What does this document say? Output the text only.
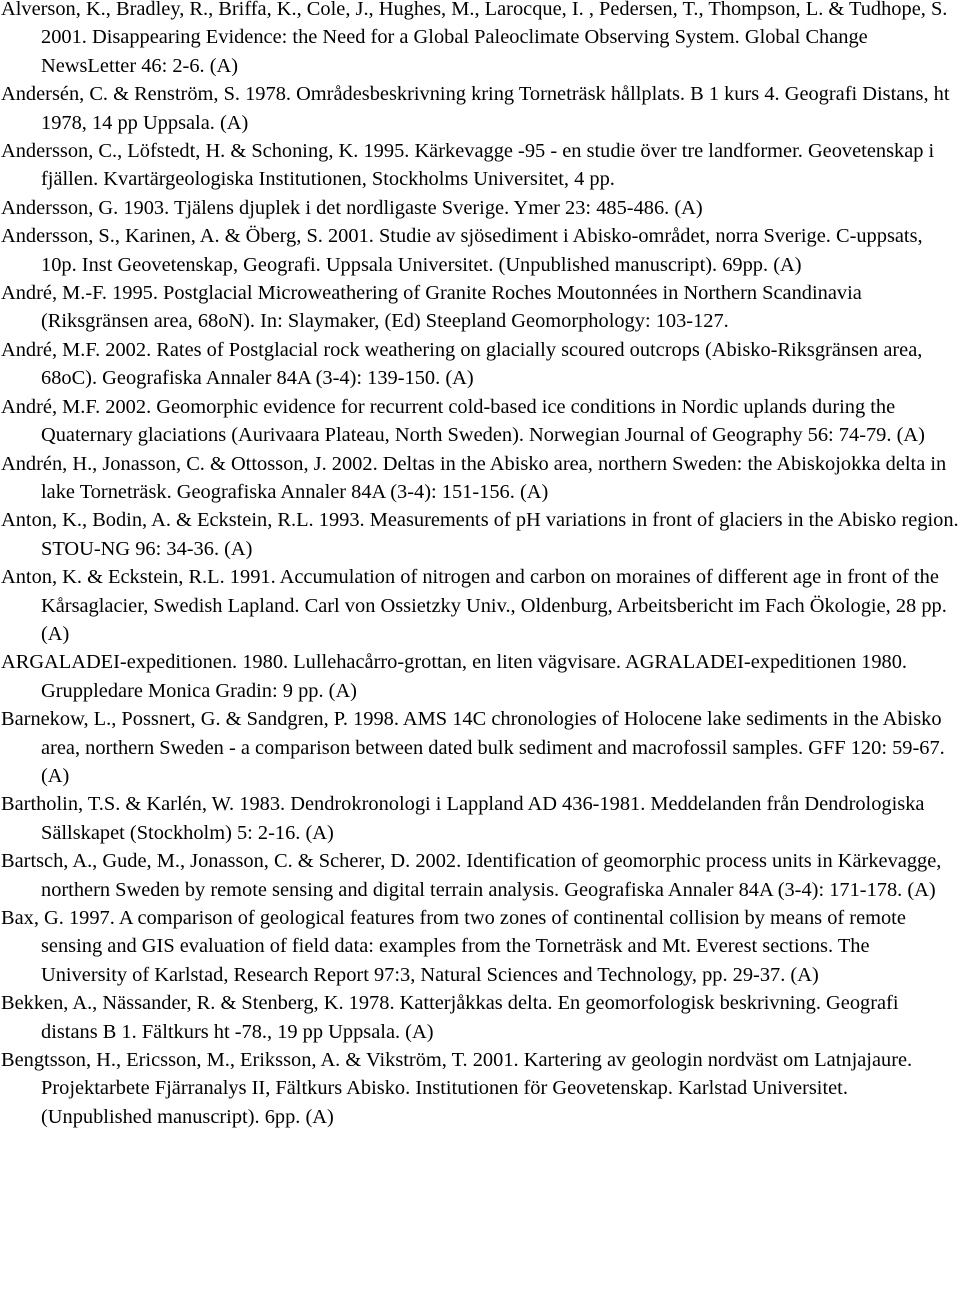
Alverson, K., Bradley, R., Briffa, K., Cole, J., Hughes, M., Larocque, I. , Pedersen, T., Thompson, L. & Tudhope, S. 2001. Disappearing Evidence: the Need for a Global Paleoclimate Observing System. Global Change NewsLetter 46: 2-6. (A)

Andersén, C. & Renström, S. 1978. Områdesbeskrivning kring Torneträsk hållplats. B 1 kurs 4. Geografi Distans, ht 1978, 14 pp Uppsala. (A)

Andersson, C., Löfstedt, H. & Schoning, K. 1995. Kärkevagge -95 - en studie över tre landformer. Geovetenskap i fjällen. Kvartärgeologiska Institutionen, Stockholms Universitet, 4 pp.

Andersson, G. 1903. Tjälens djuplek i det nordligaste Sverige. Ymer 23: 485-486. (A)

Andersson, S., Karinen, A. & Öberg, S. 2001. Studie av sjösediment i Abisko-området, norra Sverige. C-uppsats, 10p. Inst Geovetenskap, Geografi. Uppsala Universitet. (Unpublished manuscript). 69pp. (A)

André, M.-F. 1995. Postglacial Microweathering of Granite Roches Moutonnées in Northern Scandinavia (Riksgränsen area, 68oN). In: Slaymaker, (Ed) Steepland Geomorphology: 103-127.

André, M.F. 2002. Rates of Postglacial rock weathering on glacially scoured outcrops (Abisko-Riksgränsen area, 68oC). Geografiska Annaler 84A (3-4): 139-150. (A)

André, M.F. 2002. Geomorphic evidence for recurrent cold-based ice conditions in Nordic uplands during the Quaternary glaciations (Aurivaara Plateau, North Sweden). Norwegian Journal of Geography 56: 74-79. (A)

Andrén, H., Jonasson, C. & Ottosson, J. 2002. Deltas in the Abisko area, northern Sweden: the Abiskojokka delta in lake Torneträsk. Geografiska Annaler 84A (3-4): 151-156. (A)

Anton, K., Bodin, A. & Eckstein, R.L. 1993. Measurements of pH variations in front of glaciers in the Abisko region. STOU-NG 96: 34-36. (A)

Anton, K. & Eckstein, R.L. 1991. Accumulation of nitrogen and carbon on moraines of different age in front of the Kårsaglacier, Swedish Lapland. Carl von Ossietzky Univ., Oldenburg, Arbeitsbericht im Fach Ökologie, 28 pp. (A)

ARGALADEI-expeditionen. 1980. Lullehacårro-grottan, en liten vägvisare. AGRALADEI-expeditionen 1980. Gruppledare Monica Gradin: 9 pp. (A)

Barnekow, L., Possnert, G. & Sandgren, P. 1998. AMS 14C chronologies of Holocene lake sediments in the Abisko area, northern Sweden - a comparison between dated bulk sediment and macrofossil samples. GFF 120: 59-67. (A)

Bartholin, T.S. & Karlén, W. 1983. Dendrokronologi i Lappland AD 436-1981. Meddelanden från Dendrologiska Sällskapet (Stockholm) 5: 2-16. (A)

Bartsch, A., Gude, M., Jonasson, C. & Scherer, D. 2002. Identification of geomorphic process units in Kärkevagge, northern Sweden by remote sensing and digital terrain analysis. Geografiska Annaler 84A (3-4): 171-178. (A)

Bax, G. 1997. A comparison of geological features from two zones of continental collision by means of remote sensing and GIS evaluation of field data: examples from the Torneträsk and Mt. Everest sections. The University of Karlstad, Research Report 97:3, Natural Sciences and Technology, pp. 29-37. (A)

Bekken, A., Nässander, R. & Stenberg, K. 1978. Katterjåkkas delta. En geomorfologisk beskrivning. Geografi distans B 1. Fältkurs ht -78., 19 pp Uppsala. (A)

Bengtsson, H., Ericsson, M., Eriksson, A. & Vikström, T. 2001. Kartering av geologin nordväst om Latnjajaure. Projektarbete Fjärranalys II, Fältkurs Abisko. Institutionen för Geovetenskap. Karlstad Universitet. (Unpublished manuscript). 6pp. (A)
